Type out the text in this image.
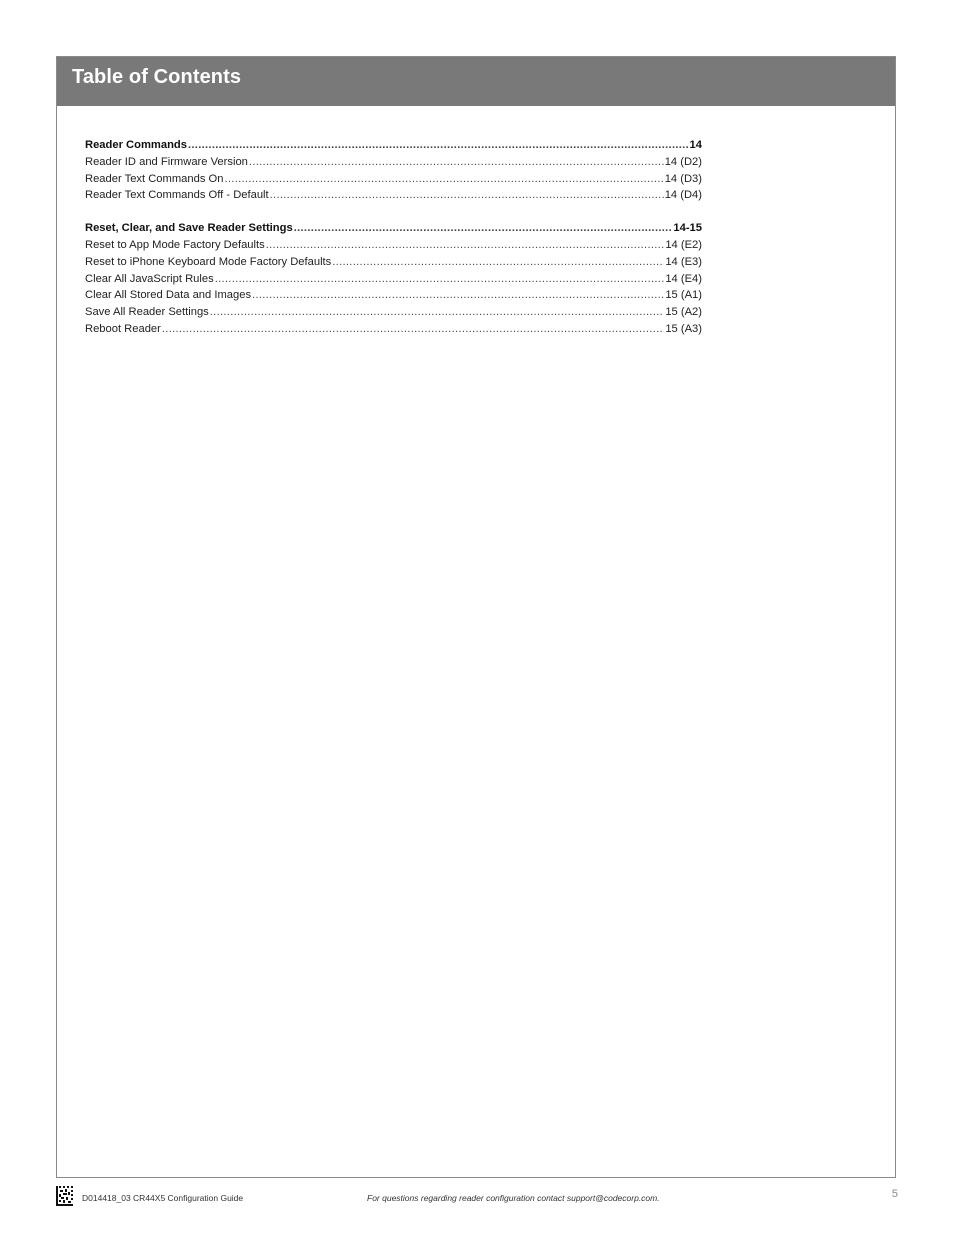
Table of Contents
Reader Commands .....	14
Reader ID and Firmware Version .....	14 (D2)
Reader Text Commands On .....	14 (D3)
Reader Text Commands Off - Default .....	14 (D4)
Reset, Clear, and Save Reader Settings .....	14-15
Reset to App Mode Factory Defaults .....	14 (E2)
Reset to iPhone Keyboard Mode Factory Defaults .....	14 (E3)
Clear All JavaScript Rules .....	14 (E4)
Clear All Stored Data and Images .....	15 (A1)
Save All Reader Settings .....	15 (A2)
Reboot Reader .....	15 (A3)
D014418_03 CR44X5 Configuration Guide	For questions regarding reader configuration contact support@codecorp.com.	5
